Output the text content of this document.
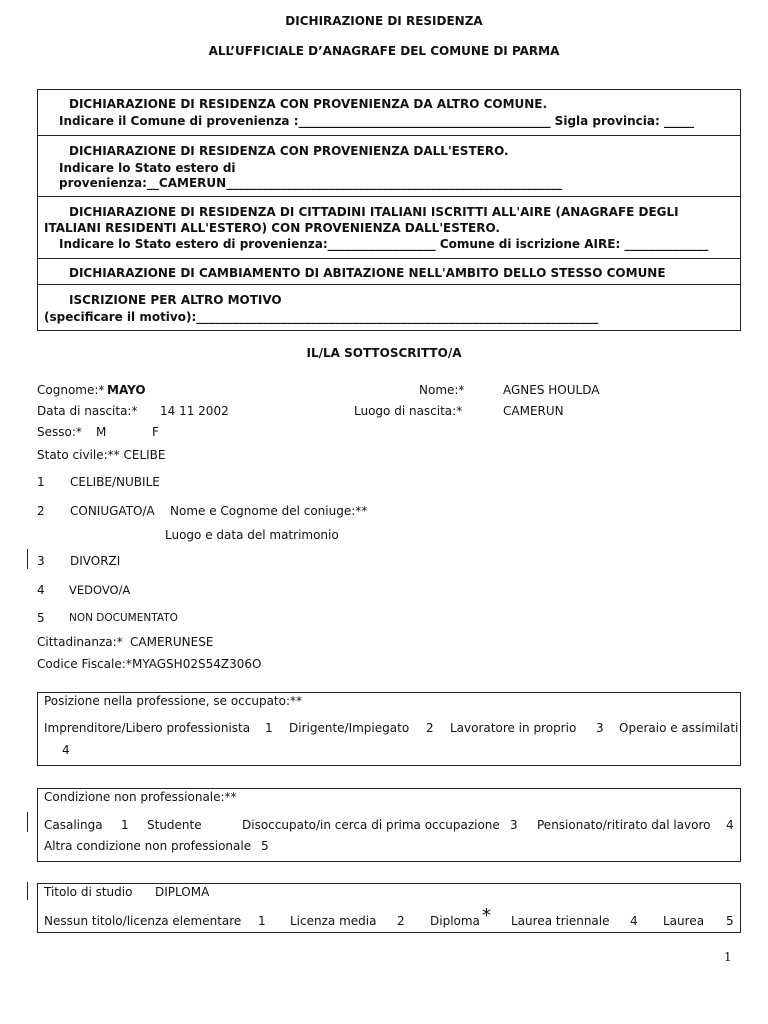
DICHIRAZIONE DI RESIDENZA
ALL’UFFICIALE D’ANAGRAFE DEL COMUNE DI PARMA
DICHIARAZIONE DI RESIDENZA CON PROVENIENZA DA ALTRO COMUNE.
Indicare il Comune di provenienza :__________________________________________ Sigla provincia: _____
DICHIARAZIONE DI RESIDENZA CON PROVENIENZA DALL'ESTERO.
Indicare lo Stato estero di
provenienza:__CAMERUN________________________________________________________
DICHIARAZIONE DI RESIDENZA DI CITTADINI ITALIANI ISCRITTI ALL'AIRE (ANAGRAFE DEGLI
ITALIANI RESIDENTI ALL'ESTERO) CON PROVENIENZA DALL'ESTERO.
Indicare lo Stato estero di provenienza:__________________ Comune di iscrizione AIRE: ______________
DICHIARAZIONE DI CAMBIAMENTO DI ABITAZIONE NELL'AMBITO DELLO STESSO COMUNE
ISCRIZIONE PER ALTRO MOTIVO
(specificare il motivo):___________________________________________________________________
IL/LA SOTTOSCRITTO/A
Cognome:* MAYO	Nome:*	AGNES HOULDA
Data di nascita:* 14 11 2002	Luogo di nascita:*	CAMERUN
Sesso:* M	F
Stato civile:** CELIBE
1 CELIBE/NUBILE
2 CONIUGATO/A Nome e Cognome del coniuge:**
Luogo e data del matrimonio
3 DIVORZI
4 VEDOVO/A
5 NON DOCUMENTATO
Cittadinanza:* CAMERUNESE
Codice Fiscale:* MYAGSH02S54Z306O
Posizione nella professione, se occupato:**
Imprenditore/Libero professionista 1 Dirigente/Impiegato 2 Lavoratore in proprio 3 Operaio e assimilati
4
Condizione non professionale:**
Casalinga 1 Studente	Disoccupato/in cerca di prima occupazione 3 Pensionato/ritirato dal lavoro 4
Altra condizione non professionale 5
Titolo di studio DIPLOMA
Nessun titolo/licenza elementare 1 Licenza media 2 Diploma * Laurea triennale 4 Laurea 5
1
